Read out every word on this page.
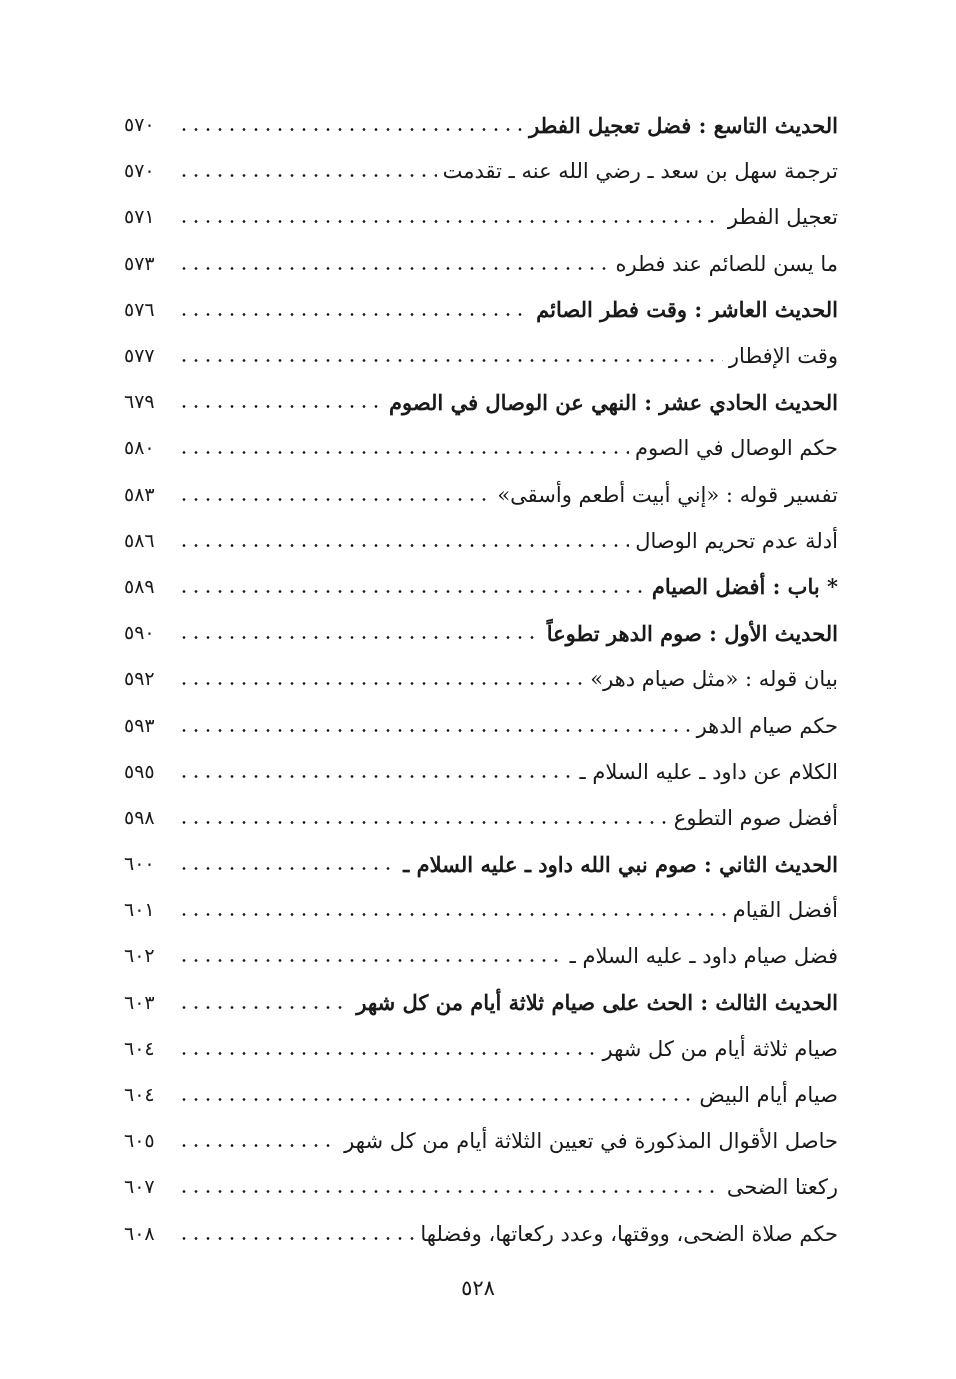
الحديث التاسع : فضل تعجيل الفطر
٥٧٠
ترجمة سهل بن سعد ـ رضي الله عنه ـ تقدمت
٥٧٠
تعجيل الفطر
٥٧١
ما يسن للصائم عند فطره
٥٧٣
الحديث العاشر : وقت فطر الصائم
٥٧٦
وقت الإفطار
٥٧٧
الحديث الحادي عشر : النهي عن الوصال في الصوم
٦٧٩
حكم الوصال في الصوم
٥٨٠
تفسير قوله : «إني أبيت أطعم وأسقى»
٥٨٣
أدلة عدم تحريم الوصال
٥٨٦
* باب : أفضل الصيام
٥٨٩
الحديث الأول : صوم الدهر تطوعاً
٥٩٠
بيان قوله : «مثل صيام دهر»
٥٩٢
حكم صيام الدهر
٥٩٣
الكلام عن داود ـ عليه السلام ـ
٥٩٥
أفضل صوم التطوع
٥٩٨
الحديث الثاني : صوم نبي الله داود ـ عليه السلام ـ
٦٠٠
أفضل القيام
٦٠١
فضل صيام داود ـ عليه السلام ـ
٦٠٢
الحديث الثالث : الحث على صيام ثلاثة أيام من كل شهر
٦٠٣
صيام ثلاثة أيام من كل شهر
٦٠٤
صيام أيام البيض
٦٠٤
حاصل الأقوال المذكورة في تعيين الثلاثة أيام من كل شهر
٦٠٥
ركعتا الضحى
٦٠٧
حكم صلاة الضحى، ووقتها، وعدد ركعاتها، وفضلها
٦٠٨
٥٢٨
